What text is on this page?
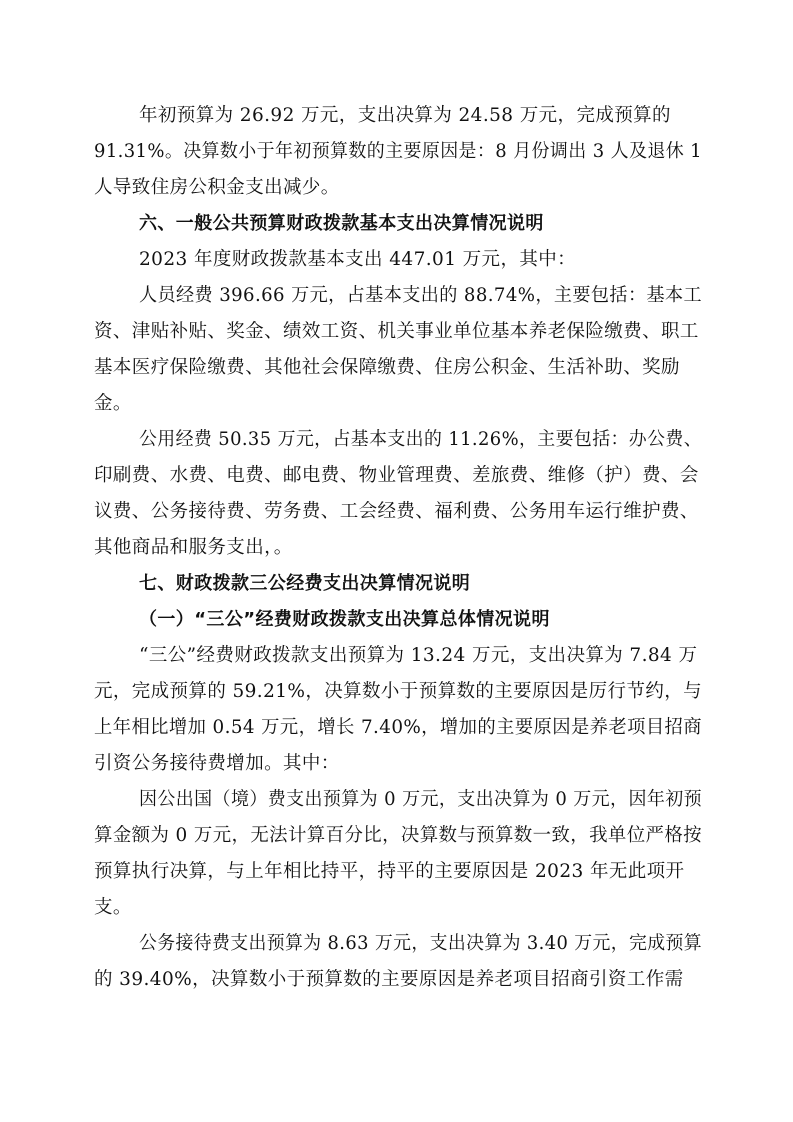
年初预算为 26.92 万元，支出决算为 24.58 万元，完成预算的
91.31%。决算数小于年初预算数的主要原因是：8 月份调出 3 人及退休 1
人导致住房公积金支出减少。
六、一般公共预算财政拨款基本支出决算情况说明
2023 年度财政拨款基本支出 447.01 万元，其中：
人员经费 396.66 万元，占基本支出的 88.74%，主要包括：基本工
资、津贴补贴、奖金、绩效工资、机关事业单位基本养老保险缴费、职工
基本医疗保险缴费、其他社会保障缴费、住房公积金、生活补助、奖励
金。
公用经费 50.35 万元，占基本支出的 11.26%，主要包括：办公费、
印刷费、水费、电费、邮电费、物业管理费、差旅费、维修（护）费、会
议费、公务接待费、劳务费、工会经费、福利费、公务用车运行维护费、
其他商品和服务支出，。
七、财政拨款三公经费支出决算情况说明
（一）“三公”经费财政拨款支出决算总体情况说明
“三公”经费财政拨款支出预算为 13.24 万元，支出决算为 7.84 万
元，完成预算的 59.21%，决算数小于预算数的主要原因是厉行节约，与
上年相比增加 0.54 万元，增长 7.40%，增加的主要原因是养老项目招商
引资公务接待费增加。其中：
因公出国（境）费支出预算为 0 万元，支出决算为 0 万元，因年初预
算金额为 0 万元，无法计算百分比，决算数与预算数一致，我单位严格按
预算执行决算，与上年相比持平，持平的主要原因是 2023 年无此项开
支。
公务接待费支出预算为 8.63 万元，支出决算为 3.40 万元，完成预算
的 39.40%，决算数小于预算数的主要原因是养老项目招商引资工作需
